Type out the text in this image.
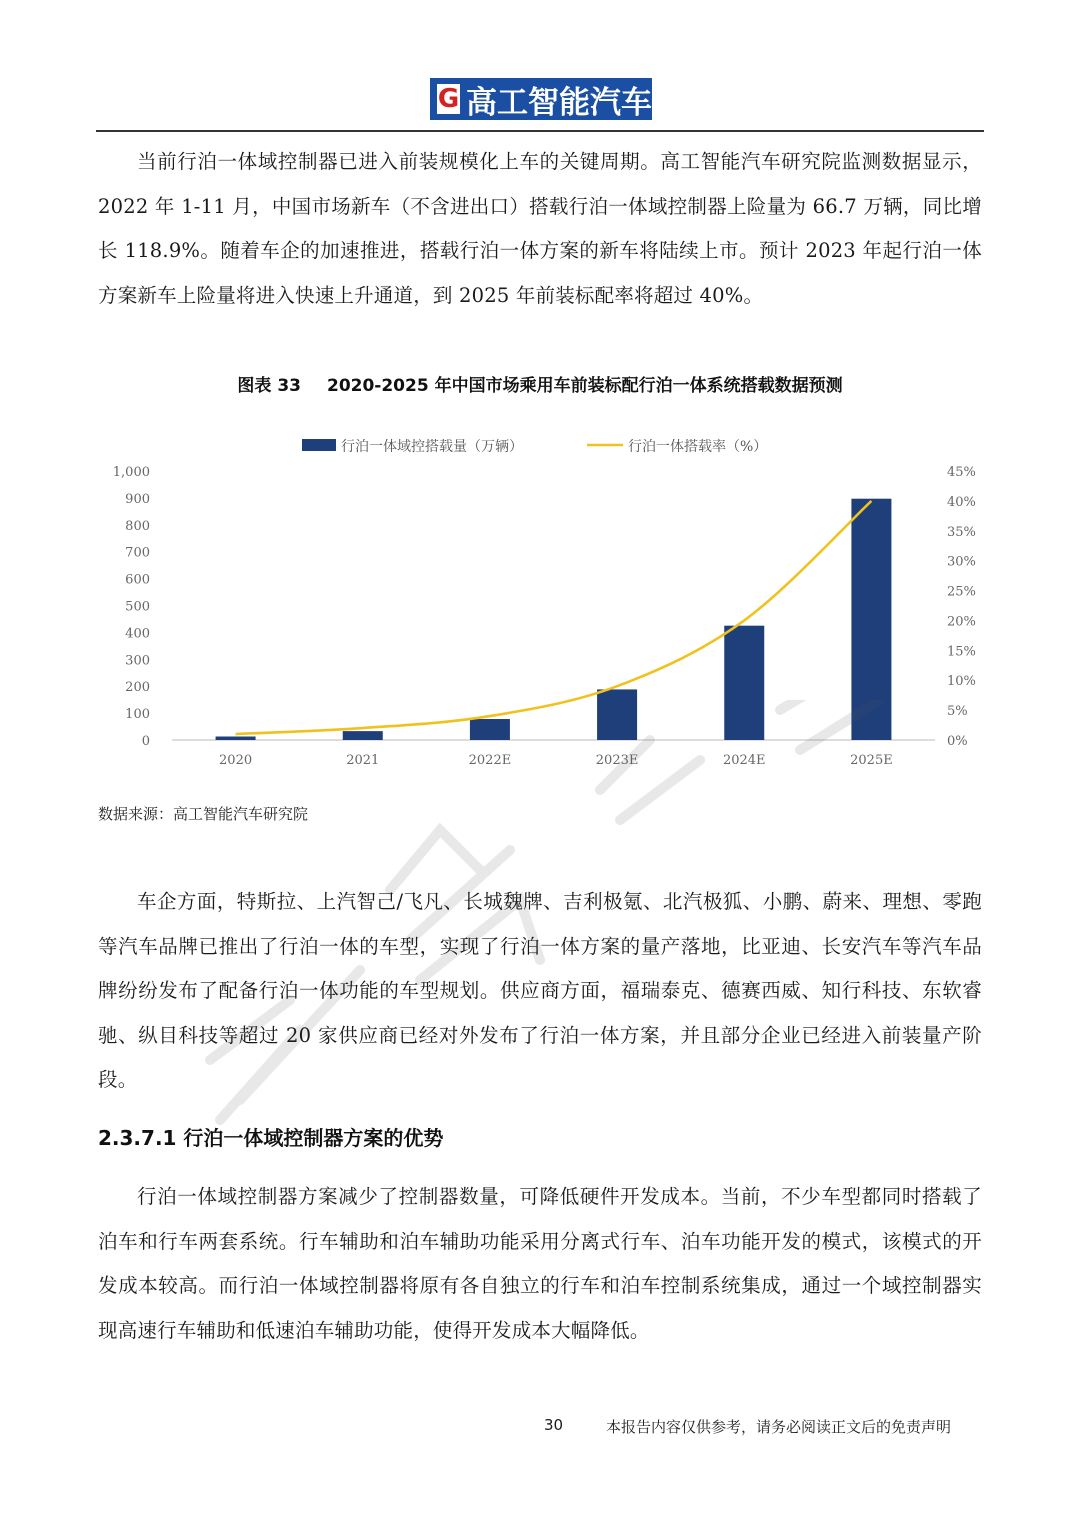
G 高工智能汽车

当前行泊一体域控制器已进入前装规模化上车的关键周期。高工智能汽车研究院监测数据显示，2022 年 1-11 月，中国市场新车（不含进出口）搭载行泊一体域控制器上险量为 66.7 万辆，同比增长 118.9%。随着车企的加速推进，搭载行泊一体方案的新车将陆续上市。预计 2023 年起行泊一体方案新车上险量将进入快速上升通道，到 2025 年前装标配率将超过 40%。

图表 33 2020-2025 年中国市场乘用车前装标配行泊一体系统搭载数据预测
0
100
200
300
400
500
600
700
800
900
1,000
0%
5%
10%
15%
20%
25%
30%
35%
40%
45%
2020	2021	2022E	2023E	2024E	2025E
行泊一体域控搭载量（万辆）	行泊一体搭载率（%）
数据来源：高工智能汽车研究院

车企方面，特斯拉、上汽智己/飞凡、长城魏牌、吉利极氪、北汽极狐、小鹏、蔚来、理想、零跑等汽车品牌已推出了行泊一体的车型，实现了行泊一体方案的量产落地，比亚迪、长安汽车等汽车品牌纷纷发布了配备行泊一体功能的车型规划。供应商方面，福瑞泰克、德赛西威、知行科技、东软睿驰、纵目科技等超过 20 家供应商已经对外发布了行泊一体方案，并且部分企业已经进入前装量产阶段。

2.3.7.1 行泊一体域控制器方案的优势

行泊一体域控制器方案减少了控制器数量，可降低硬件开发成本。当前，不少车型都同时搭载了泊车和行车两套系统。行车辅助和泊车辅助功能采用分离式行车、泊车功能开发的模式，该模式的开发成本较高。而行泊一体域控制器将原有各自独立的行车和泊车控制系统集成，通过一个域控制器实现高速行车辅助和低速泊车辅助功能，使得开发成本大幅降低。

30	本报告内容仅供参考，请务必阅读正文后的免责声明
